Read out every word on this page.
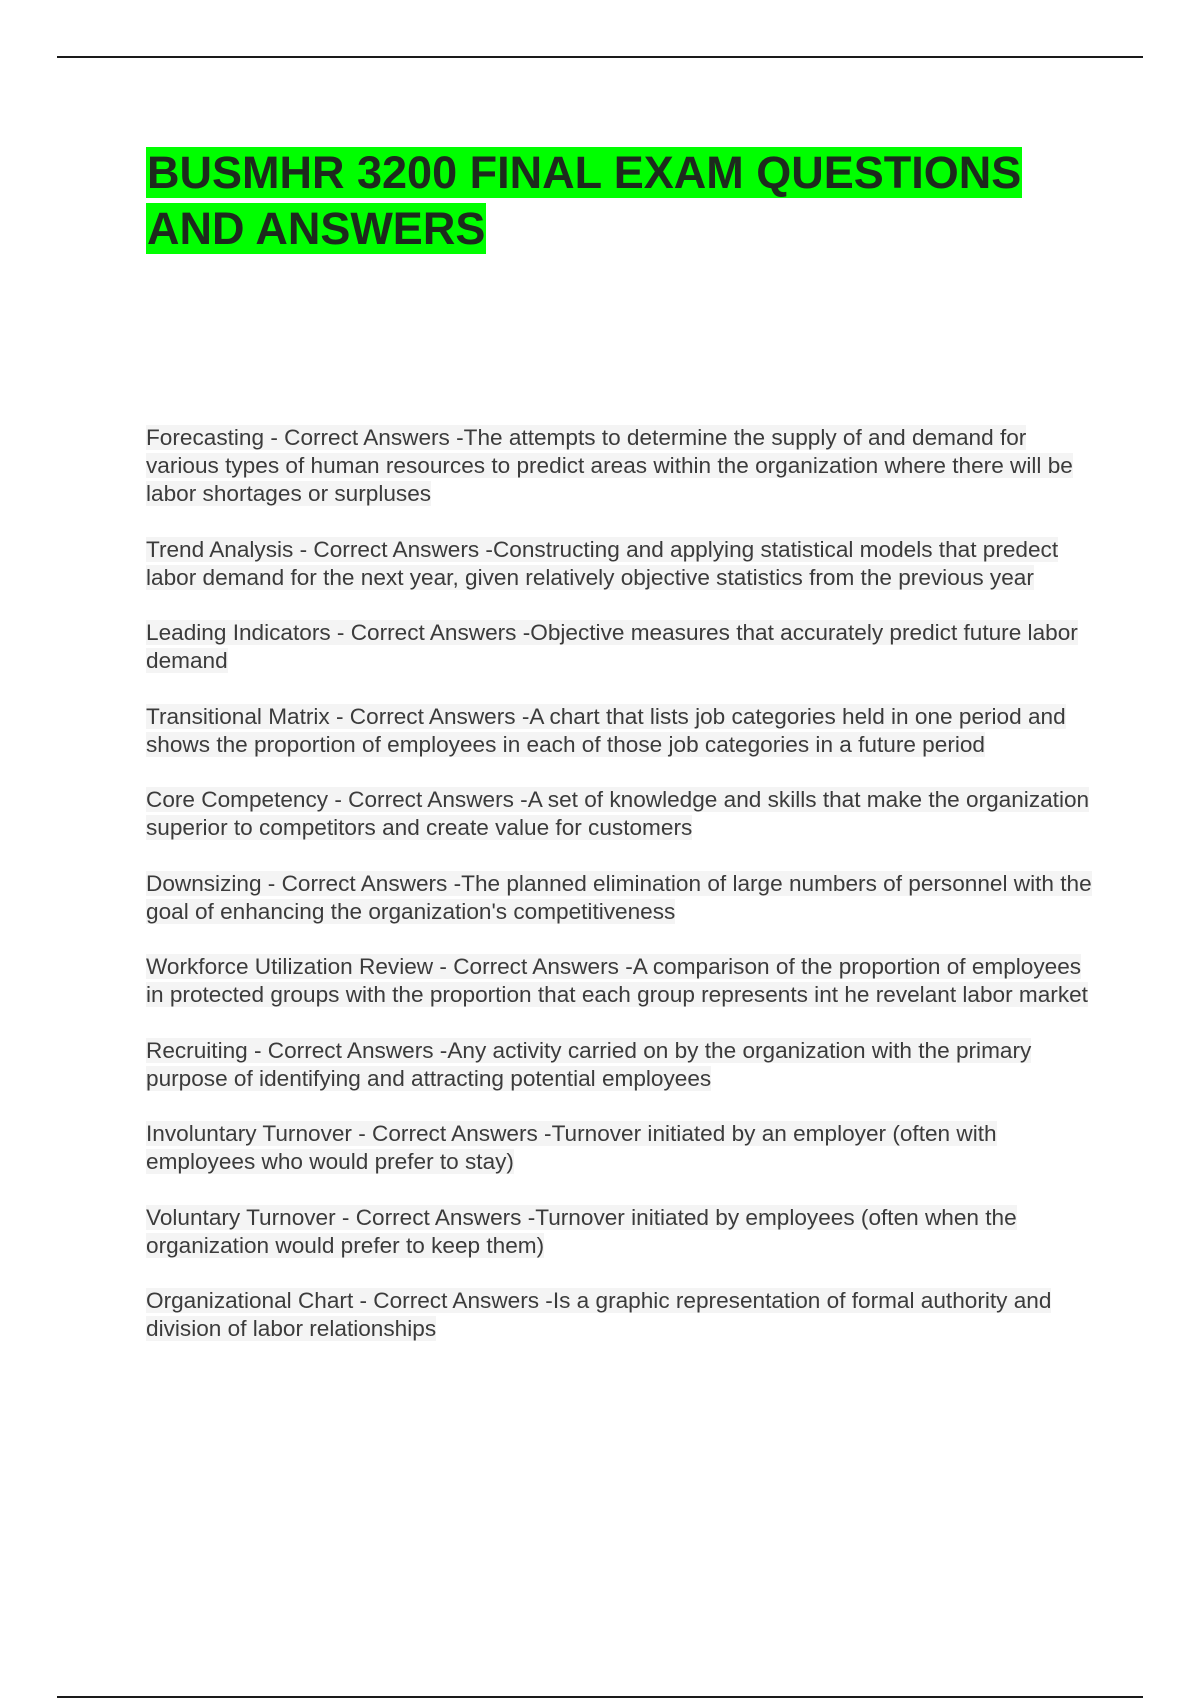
BUSMHR 3200 FINAL EXAM QUESTIONS AND ANSWERS
Forecasting - Correct Answers -The attempts to determine the supply of and demand for various types of human resources to predict areas within the organization where there will be labor shortages or surpluses
Trend Analysis - Correct Answers -Constructing and applying statistical models that predect labor demand for the next year, given relatively objective statistics from the previous year
Leading Indicators - Correct Answers -Objective measures that accurately predict future labor demand
Transitional Matrix - Correct Answers -A chart that lists job categories held in one period and shows the proportion of employees in each of those job categories in a future period
Core Competency - Correct Answers -A set of knowledge and skills that make the organization superior to competitors and create value for customers
Downsizing - Correct Answers -The planned elimination of large numbers of personnel with the goal of enhancing the organization's competitiveness
Workforce Utilization Review - Correct Answers -A comparison of the proportion of employees in protected groups with the proportion that each group represents int he revelant labor market
Recruiting - Correct Answers -Any activity carried on by the organization with the primary purpose of identifying and attracting potential employees
Involuntary Turnover - Correct Answers -Turnover initiated by an employer (often with employees who would prefer to stay)
Voluntary Turnover - Correct Answers -Turnover initiated by employees (often when the organization would prefer to keep them)
Organizational Chart - Correct Answers -Is a graphic representation of formal authority and division of labor relationships
